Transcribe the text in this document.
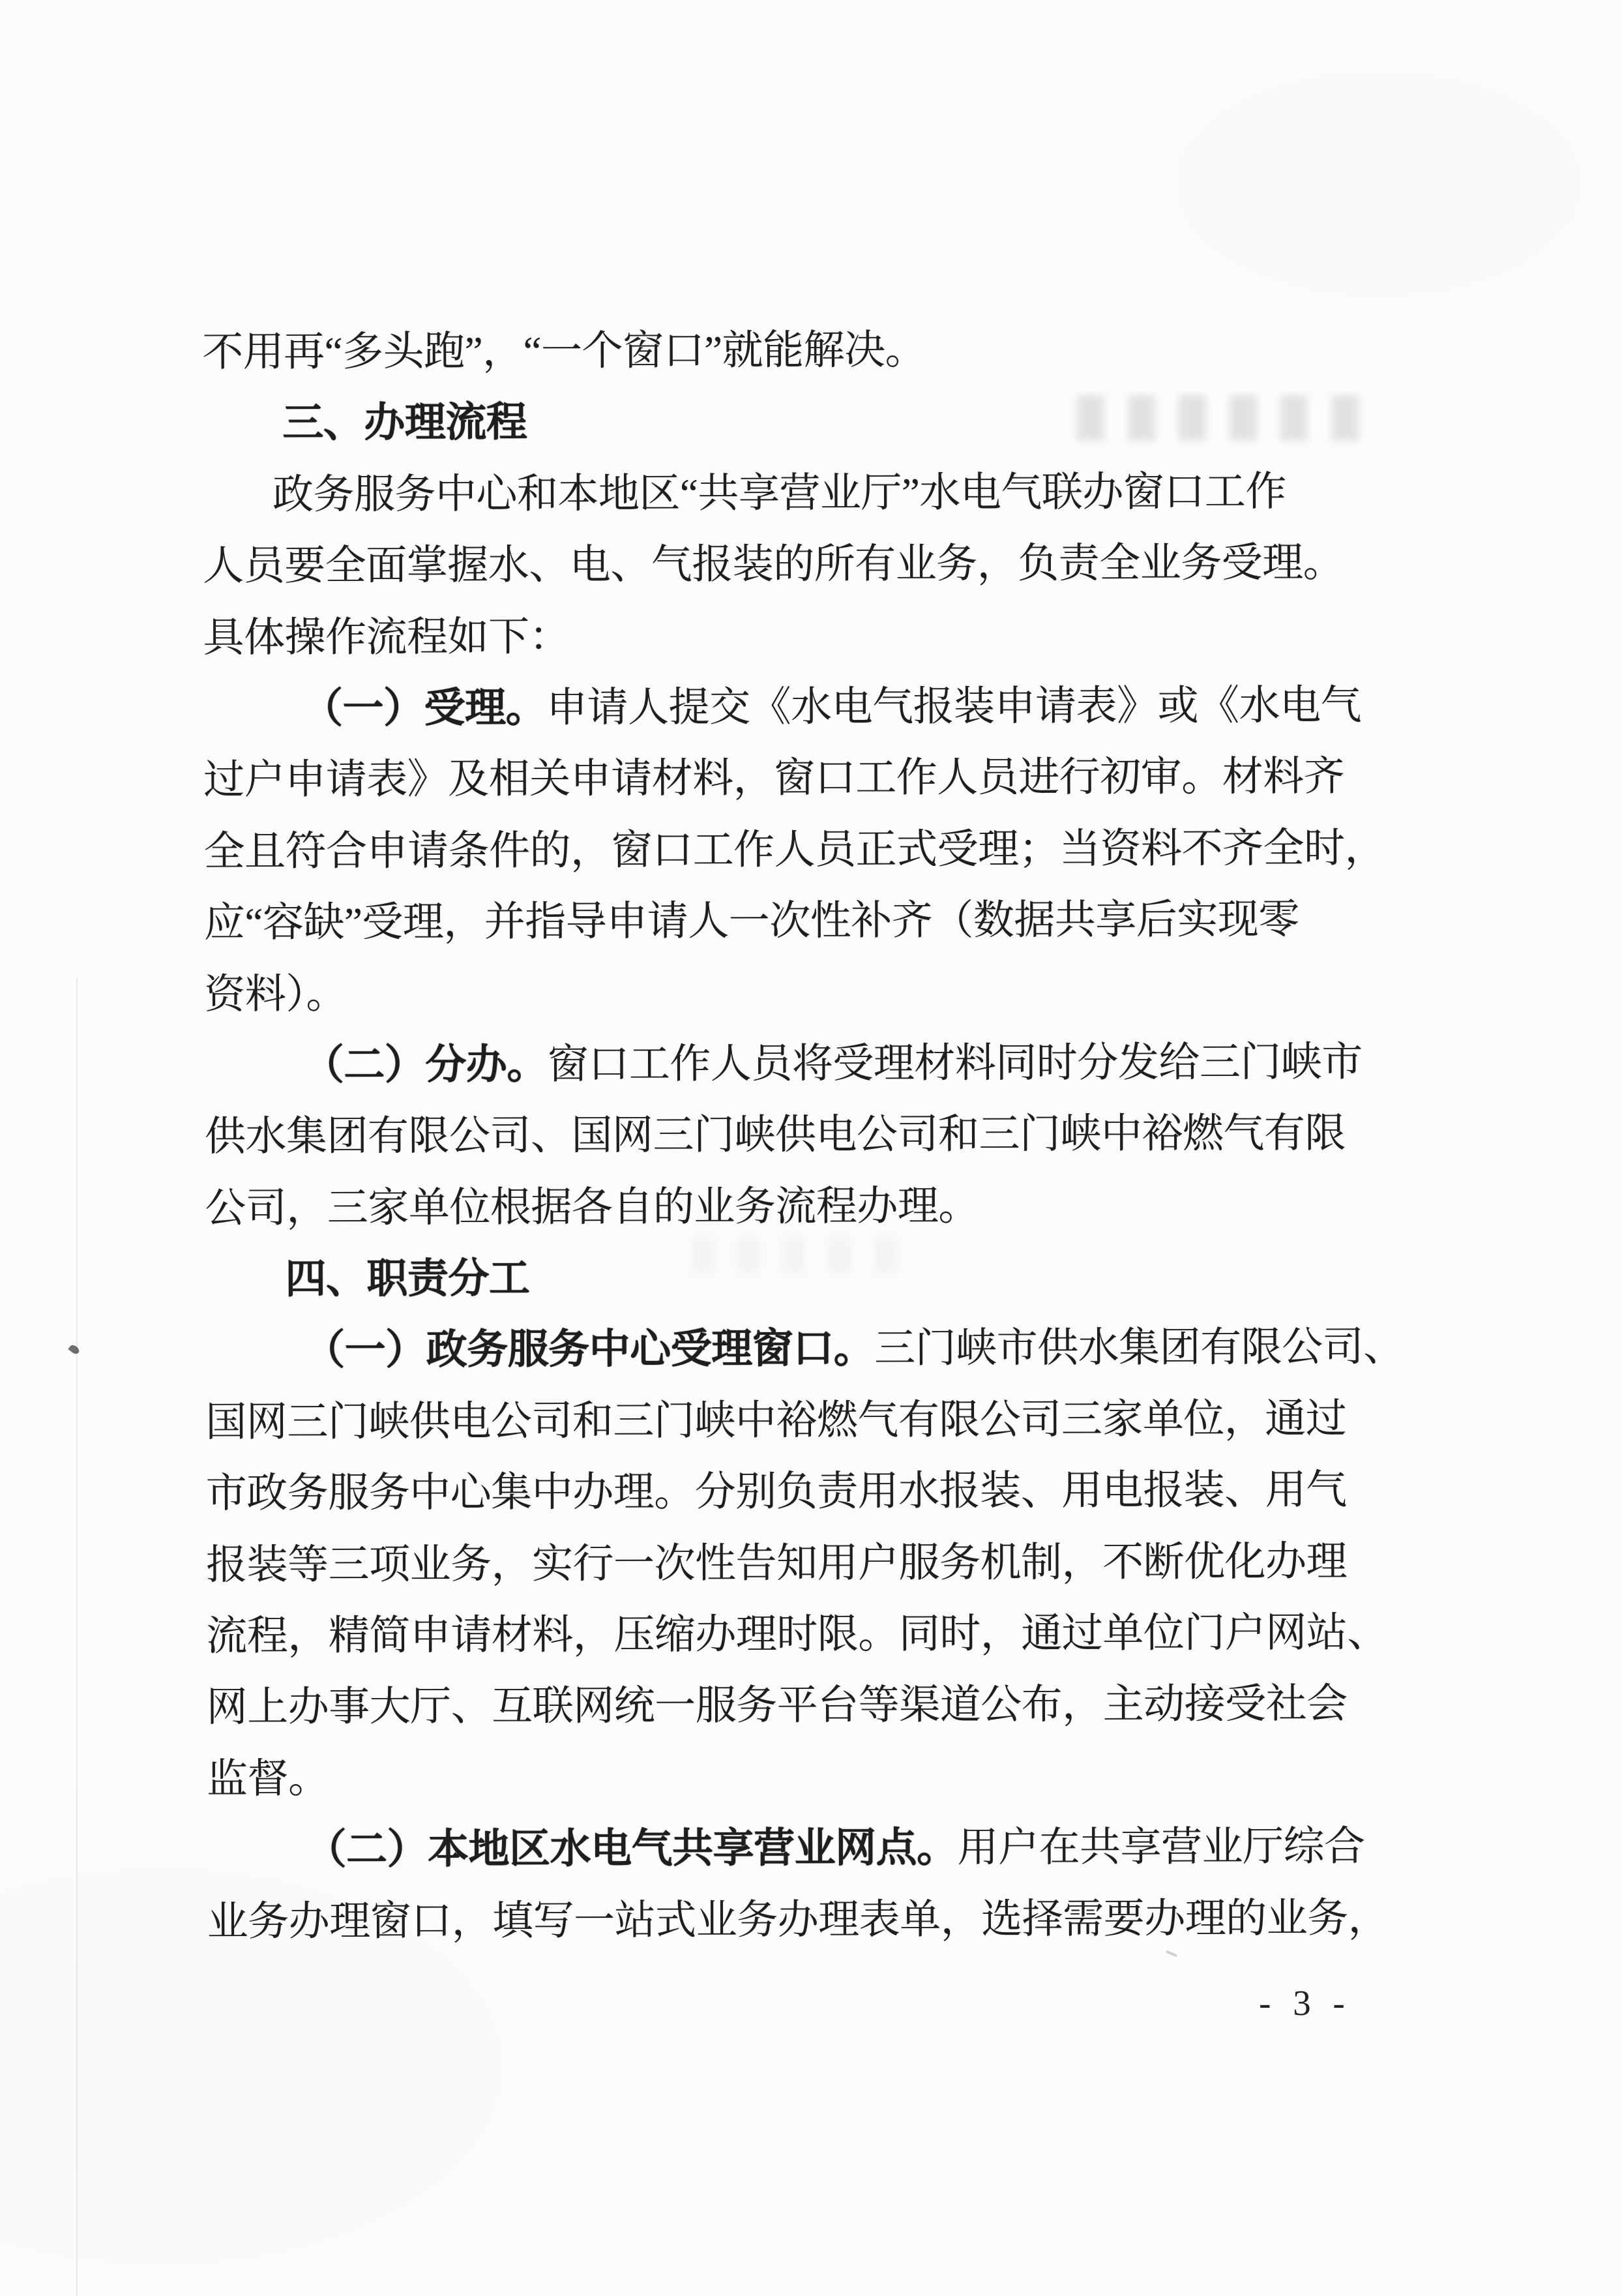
不用再“多头跑”，“一个窗口”就能解决。
三、办理流程
政务服务中心和本地区“共享营业厅”水电气联办窗口工作
人员要全面掌握水、电、气报装的所有业务，负责全业务受理。
具体操作流程如下：
（一）受理。申请人提交《水电气报装申请表》或《水电气
过户申请表》及相关申请材料，窗口工作人员进行初审。材料齐
全且符合申请条件的，窗口工作人员正式受理；当资料不齐全时，
应“容缺”受理，并指导申请人一次性补齐（数据共享后实现零
资料）。
（二）分办。窗口工作人员将受理材料同时分发给三门峡市
供水集团有限公司、国网三门峡供电公司和三门峡中裕燃气有限
公司，三家单位根据各自的业务流程办理。
四、职责分工
（一）政务服务中心受理窗口。三门峡市供水集团有限公司、
国网三门峡供电公司和三门峡中裕燃气有限公司三家单位，通过
市政务服务中心集中办理。分别负责用水报装、用电报装、用气
报装等三项业务，实行一次性告知用户服务机制，不断优化办理
流程，精简申请材料，压缩办理时限。同时，通过单位门户网站、
网上办事大厅、互联网统一服务平台等渠道公布，主动接受社会
监督。
（二）本地区水电气共享营业网点。用户在共享营业厅综合
业务办理窗口，填写一站式业务办理表单，选择需要办理的业务，
- 3 -
